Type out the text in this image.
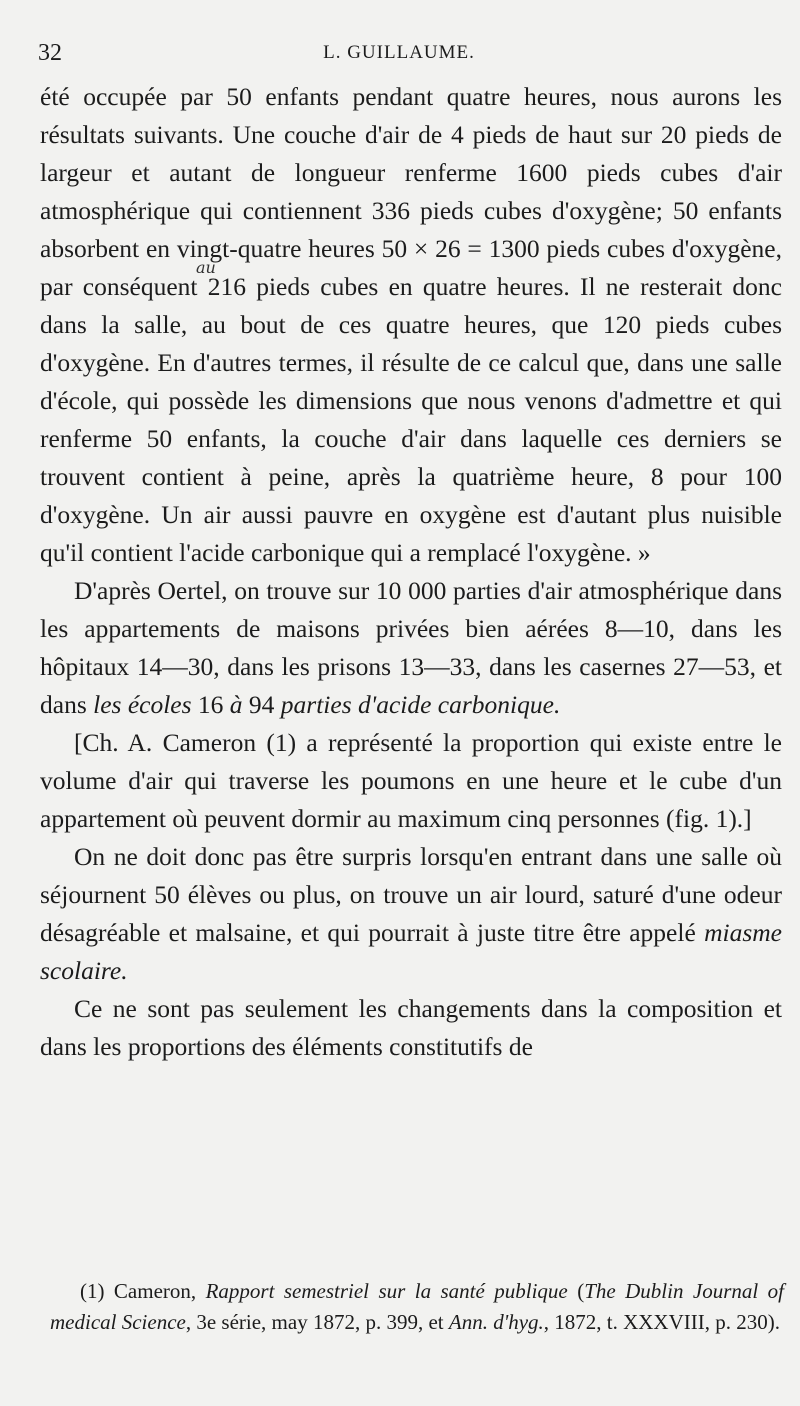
32	L. GUILLAUME.
au

été occupée par 50 enfants pendant quatre heures, nous aurons les résultats suivants. Une couche d'air de 4 pieds de haut sur 20 pieds de largeur et autant de longueur renferme 1600 pieds cubes d'air atmosphérique qui contiennent 336 pieds cubes d'oxygène; 50 enfants absorbent en vingt-quatre heures 50 × 26 = 1300 pieds cubes d'oxygène, par conséquent 216 pieds cubes en quatre heures. Il ne resterait donc dans la salle, au bout de ces quatre heures, que 120 pieds cubes d'oxygène. En d'autres termes, il résulte de ce calcul que, dans une salle d'école, qui possède les dimensions que nous venons d'admettre et qui renferme 50 enfants, la couche d'air dans laquelle ces derniers se trouvent contient à peine, après la quatrième heure, 8 pour 100 d'oxygène. Un air aussi pauvre en oxygène est d'autant plus nuisible qu'il contient l'acide carbonique qui a remplacé l'oxygène. »

D'après Oertel, on trouve sur 10 000 parties d'air atmosphérique dans les appartements de maisons privées bien aérées 8—10, dans les hôpitaux 14—30, dans les prisons 13—33, dans les casernes 27—53, et dans les écoles 16 à 94 parties d'acide carbonique.

[Ch. A. Cameron (1) a représenté la proportion qui existe entre le volume d'air qui traverse les poumons en une heure et le cube d'un appartement où peuvent dormir au maximum cinq personnes (fig. 1).]

On ne doit donc pas être surpris lorsqu'en entrant dans une salle où séjournent 50 élèves ou plus, on trouve un air lourd, saturé d'une odeur désagréable et malsaine, et qui pourrait à juste titre être appelé miasme scolaire.

Ce ne sont pas seulement les changements dans la composition et dans les proportions des éléments constitutifs de

(1) Cameron, Rapport semestriel sur la santé publique (The Dublin Journal of medical Science, 3e série, may 1872, p. 399, et Ann. d'hyg., 1872, t. XXXVIII, p. 230).
